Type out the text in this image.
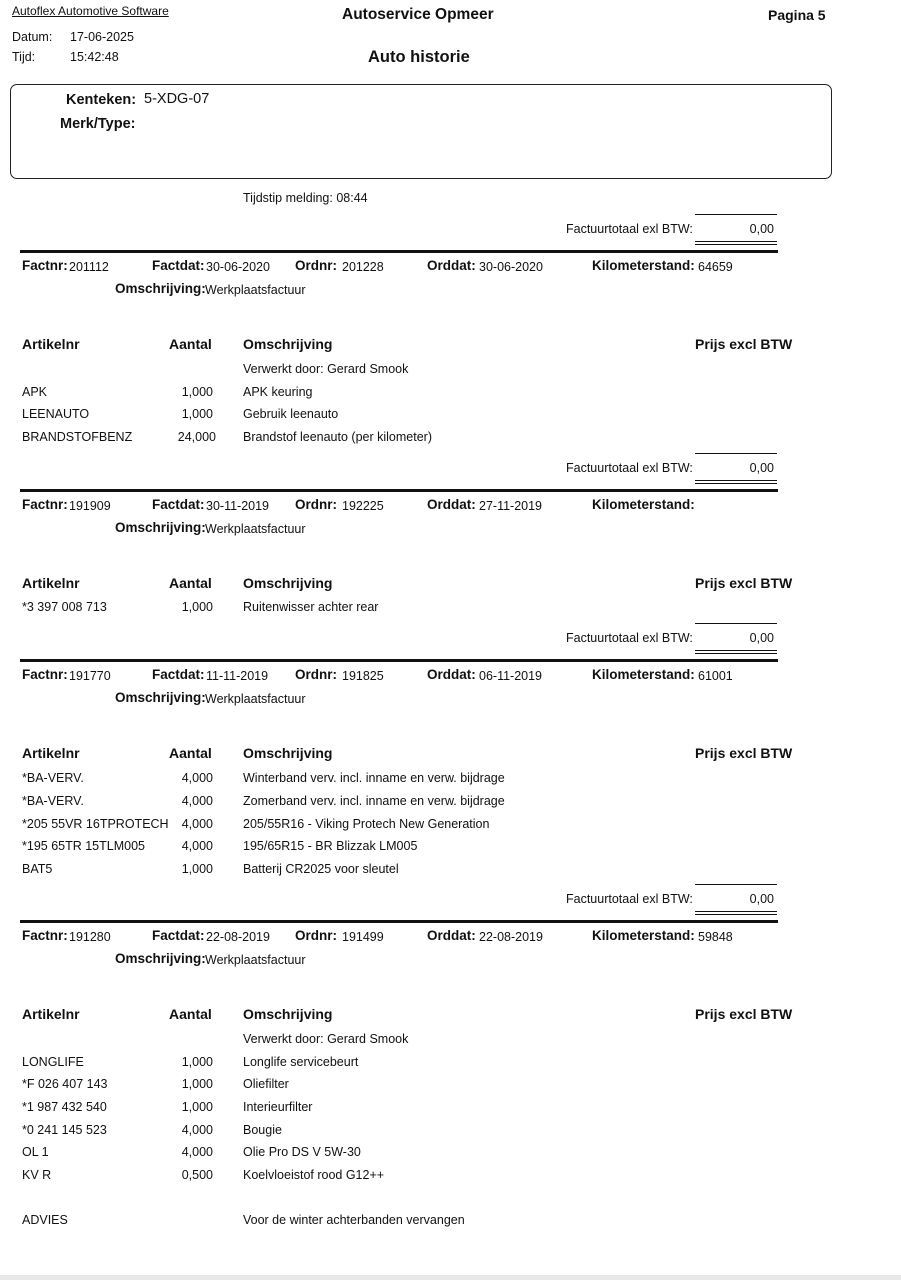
Autoflex Automotive Software	Autoservice Opmeer	Pagina 5
Datum: 17-06-2025
Tijd:	15:42:48	Auto historie
Kenteken: 5-XDG-07
Merk/Type:
Tijdstip melding: 08:44
Factuurtotaal exl BTW:	0,00
Factnr: 201112	Factdat: 30-06-2020 Ordnr: 201228	Orddat: 30-06-2020	Kilometerstand: 64659
Omschrijving: Werkplaatsfactuur
Artikelnr	Aantal Omschrijving	Prijs excl BTW
Verwerkt door: Gerard Smook
APK	1,000 APK keuring
LEENAUTO	1,000 Gebruik leenauto
BRANDSTOFBENZ	24,000 Brandstof leenauto (per kilometer)
Factuurtotaal exl BTW:	0,00
Factnr: 191909	Factdat: 30-11-2019 Ordnr: 192225	Orddat: 27-11-2019	Kilometerstand:
Omschrijving: Werkplaatsfactuur
Artikelnr	Aantal Omschrijving	Prijs excl BTW
*3 397 008 713	1,000 Ruitenwisser achter rear
Factuurtotaal exl BTW:	0,00
Factnr: 191770	Factdat: 11-11-2019 Ordnr: 191825	Orddat: 06-11-2019	Kilometerstand: 61001
Omschrijving: Werkplaatsfactuur
Artikelnr	Aantal Omschrijving	Prijs excl BTW
*BA-VERV.	4,000 Winterband verv. incl. inname en verw. bijdrage
*BA-VERV.	4,000 Zomerband verv. incl. inname en verw. bijdrage
*205 55VR 16TPROTECH	4,000 205/55R16 - Viking Protech New Generation
*195 65TR 15TLM005	4,000 195/65R15 - BR Blizzak LM005
BAT5	1,000 Batterij CR2025 voor sleutel
Factuurtotaal exl BTW:	0,00
Factnr: 191280	Factdat: 22-08-2019 Ordnr: 191499	Orddat: 22-08-2019	Kilometerstand: 59848
Omschrijving: Werkplaatsfactuur
Artikelnr	Aantal Omschrijving	Prijs excl BTW
Verwerkt door: Gerard Smook
LONGLIFE	1,000 Longlife servicebeurt
*F 026 407 143	1,000 Oliefilter
*1 987 432 540	1,000 Interieurfilter
*0 241 145 523	4,000 Bougie
OL 1	4,000 Olie Pro DS V 5W-30
KV R	0,500 Koelvloeistof rood G12++
ADVIES	Voor de winter achterbanden vervangen
